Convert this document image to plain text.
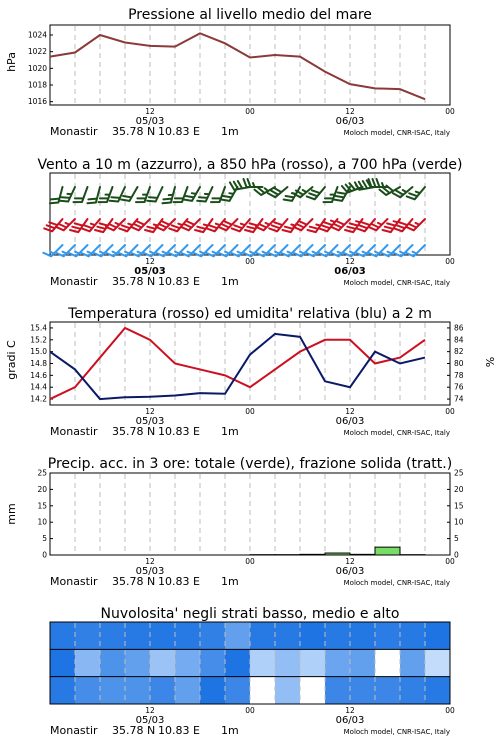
Pressione al livello medio del mare
hPa
Vento a 10 m (azzurro), a 850 hPa (rosso), a 700 hPa (verde)
Temperatura (rosso) ed umidita' relativa (blu) a 2 m
gradi C	%
Precip. acc. in 3 ore: totale (verde), frazione solida (tratt.)
mm
Nuvolosita' negli strati basso, medio e alto
12	00	12	00
05/03	06/03
Monastir 35.78 N 10.83 E 1m	Moloch model, CNR-ISAC, Italy
12	00	12	00
05/03	06/03
Monastir 35.78 N 10.83 E 1m	Moloch model, CNR-ISAC, Italy
12	00	12	00
05/03	06/03
Monastir 35.78 N 10.83 E 1m	Moloch model, CNR-ISAC, Italy
12	00	12	00
05/03	06/03
Monastir 35.78 N 10.83 E 1m	Moloch model, CNR-ISAC, Italy
12	00	12	00
05/03	06/03
Monastir 35.78 N 10.83 E 1m	Moloch model, CNR-ISAC, Italy
1016
1018
1020
1022
1024
14.2
14.4
14.6
14.8
15.0
15.2
15.4
74
76
78
80
82
84
86
0	0
5	5
10	10
15	15
20	20
25	25
